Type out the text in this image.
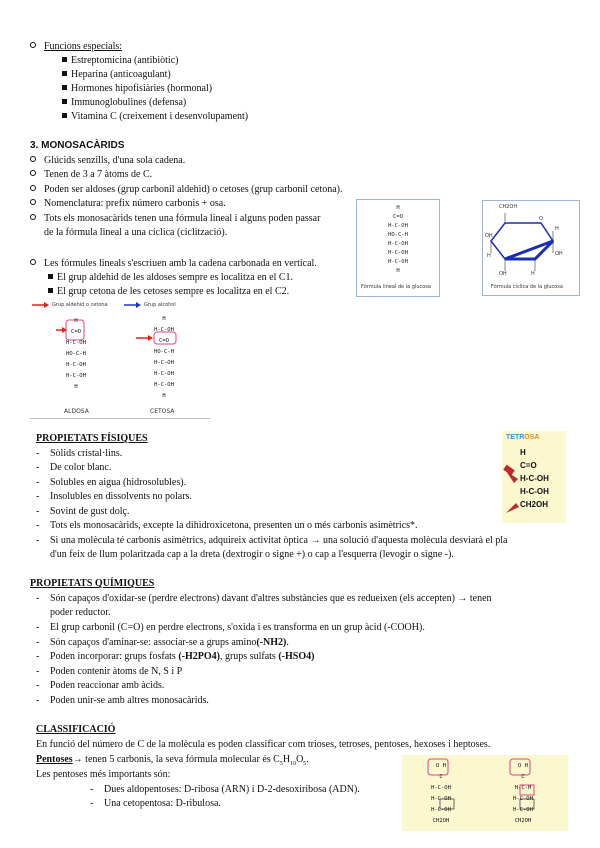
Funcions especials:
Estreptomicina (antibiòtic)
Heparina (anticoagulant)
Hormones hipofisiàries (hormonal)
Immunoglobulines (defensa)
Vitamina C (creixement i desenvolupament)
3. MONOSACÀRIDS
Glúcids senzills, d'una sola cadena.
Tenen de 3 a 7 àtoms de C.
Poden ser aldoses (grup carbonil aldehid) o cetoses (grup carbonil cetona).
Nomenclatura: prefix número carbonis + osa.
Tots els monosacàrids tenen una fórmula lineal i alguns poden passar
de la fórmula lineal a una cíclica (ciclització).
Les fórmules lineals s'escriuen amb la cadena carbonada en vertical.
El grup aldehid de les aldoses sempre es localitza en el C1.
El grup cetona de les cetoses sempre es localitza en el C2.
H
C=O
H-C-OH
HO-C-H
H-C-OH
H-C-OH
H-C-OH
H
Fórmula lineal de la glucosa
CH2OH
O
H
OH
H
OH	H
OH
Fórmula cíclica de la glucosa
Grup aldehid o cetona	Grup alcohol
H
C=O
H-C-OH
HO-C-H
H-C-OH
H-C-OH
H
H
H-C-OH
C=O
HO-C-H
H-C-OH
H-C-OH
H-C-OH
H
ALDOSA	CETOSA
PROPIETATS FÍSIQUES
- Sòlids cristal·lins.
- De color blanc.
- Solubles en aigua (hidrosolubles).
- Insolubles en dissolvents no polars.
- Sovint de gust dolç.
- Tots els monosacàrids, excepte la dihidroxicetona, presenten un o més carbonis asimètrics*.
- Si una molècula té carbonis asimètrics, adquireix activitat òptica → una solució d'aquesta molècula desviarà el pla
d'un feix de llum polaritzada cap a la dreta (dextrogir o signe +) o cap a l'esquerra (levogir o signe -).
TETROSA
H
C=O
H-C-OH
H-C-OH
CH2OH
PROPIETATS QUÍMIQUES
- Són capaços d'oxidar-se (perdre electrons) davant d'altres substàncies que es redueixen (els accepten) → tenen
poder reductor.
- El grup carbonil (C=O) en perdre electrons, s'oxida i es transforma en un grup àcid (-COOH).
- Són capaços d'aminar-se: associar-se a grups amino(-NH2).
- Poden incorporar: grups fosfats (-H2PO4), grups sulfats (-HSO4)
- Poden contenir àtoms de N, S i P
- Poden reaccionar amb àcids.
- Poden unir-se amb altres monosacàrids.
CLASSIFICACIÓ
En funció del número de C de la molècula es poden classificar com trioses, tetroses, pentoses, hexoses i heptoses.
Pentoses→ tenen 5 carbonis, la seva fórmula molecular és $C_5H_{10}O_5$.
Les pentoses més importants són:
- Dues aldopentoses: D-ribosa (ARN) i D-2-desoxiribosa (ADN).
- Una cetopentosa: D-ribulosa.
O H
C
H-C-OH
H-C-OH
H-C-OH
CH2OH
O H
C
H-C-H
H-C-OH
H-C-OH
CH2OH
